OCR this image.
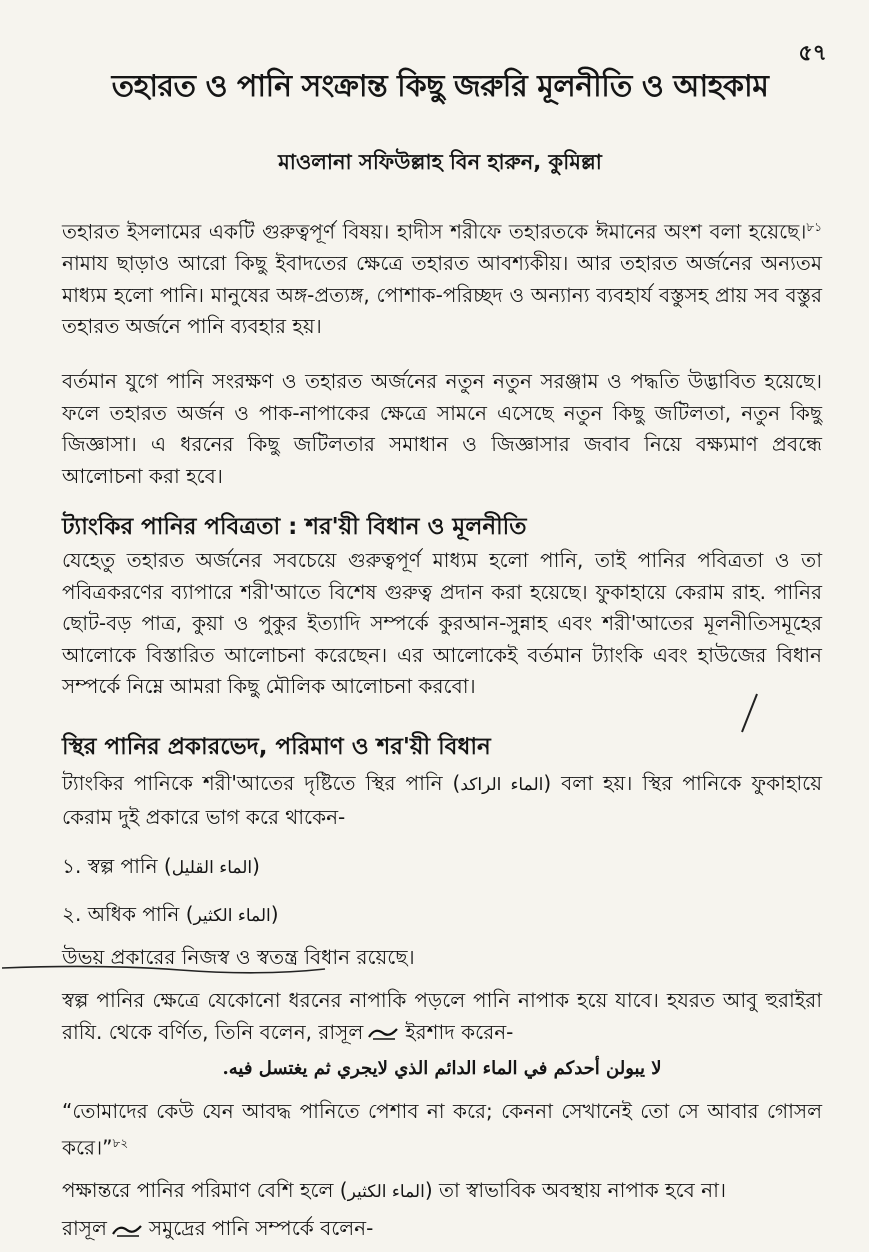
৫৭
তহারত ও পানি সংক্রান্ত কিছু জরুরি মূলনীতি ও আহকাম
মাওলানা সফিউল্লাহ বিন হারুন, কুমিল্লা
তহারত ইসলামের একটি গুরুত্বপূর্ণ বিষয়। হাদীস শরীফে তহারতকে ঈমানের অংশ বলা হয়েছে।$^{৮১}$ নামায ছাড়াও আরো কিছু ইবাদতের ক্ষেত্রে তহারত আবশ্যকীয়। আর তহারত অর্জনের অন্যতম মাধ্যম হলো পানি। মানুষের অঙ্গ-প্রত্যঙ্গ, পোশাক-পরিচ্ছদ ও অন্যান্য ব্যবহার্য বস্তুসহ প্রায় সব বস্তুর তহারত অর্জনে পানি ব্যবহার হয়।
বর্তমান যুগে পানি সংরক্ষণ ও তহারত অর্জনের নতুন নতুন সরঞ্জাম ও পদ্ধতি উদ্ভাবিত হয়েছে। ফলে তহারত অর্জন ও পাক-নাপাকের ক্ষেত্রে সামনে এসেছে নতুন কিছু জটিলতা, নতুন কিছু জিজ্ঞাসা। এ ধরনের কিছু জটিলতার সমাধান ও জিজ্ঞাসার জবাব নিয়ে বক্ষ্যমাণ প্রবন্ধে আলোচনা করা হবে।
ট্যাংকির পানির পবিত্রতা : শর'য়ী বিধান ও মূলনীতি
যেহেতু তহারত অর্জনের সবচেয়ে গুরুত্বপূর্ণ মাধ্যম হলো পানি, তাই পানির পবিত্রতা ও তা পবিত্রকরণের ব্যাপারে শরী'আতে বিশেষ গুরুত্ব প্রদান করা হয়েছে। ফুকাহায়ে কেরাম রাহ. পানির ছোট-বড় পাত্র, কুয়া ও পুকুর ইত্যাদি সম্পর্কে কুরআন-সুন্নাহ এবং শরী'আতের মূলনীতিসমূহের আলোকে বিস্তারিত আলোচনা করেছেন। এর আলোকেই বর্তমান ট্যাংকি এবং হাউজের বিধান সম্পর্কে নিম্নে আমরা কিছু মৌলিক আলোচনা করবো।
স্থির পানির প্রকারভেদ, পরিমাণ ও শর'য়ী বিধান
ট্যাংকির পানিকে শরী'আতের দৃষ্টিতে স্থির পানি (الماء الراكد) বলা হয়। স্থির পানিকে ফুকাহায়ে কেরাম দুই প্রকারে ভাগ করে থাকেন-
১. স্বল্প পানি (الماء القليل)
২. অধিক পানি (الماء الكثير)
উভয় প্রকারের নিজস্ব ও স্বতন্ত্র বিধান রয়েছে।
স্বল্প পানির ক্ষেত্রে যেকোনো ধরনের নাপাকি পড়লে পানি নাপাক হয়ে যাবে। হযরত আবু হুরাইরা রাযি. থেকে বর্ণিত, তিনি বলেন, রাসূল ইরশাদ করেন-
لا يبولن أحدكم في الماء الدائم الذي لايجري ثم يغتسل فيه.
“তোমাদের কেউ যেন আবদ্ধ পানিতে পেশাব না করে; কেননা সেখানেই তো সে আবার গোসল করে।”$^{৮২}$
পক্ষান্তরে পানির পরিমাণ বেশি হলে (الماء الكثير) তা স্বাভাবিক অবস্থায় নাপাক হবে না।
রাসূল সমুদ্রের পানি সম্পর্কে বলেন-
